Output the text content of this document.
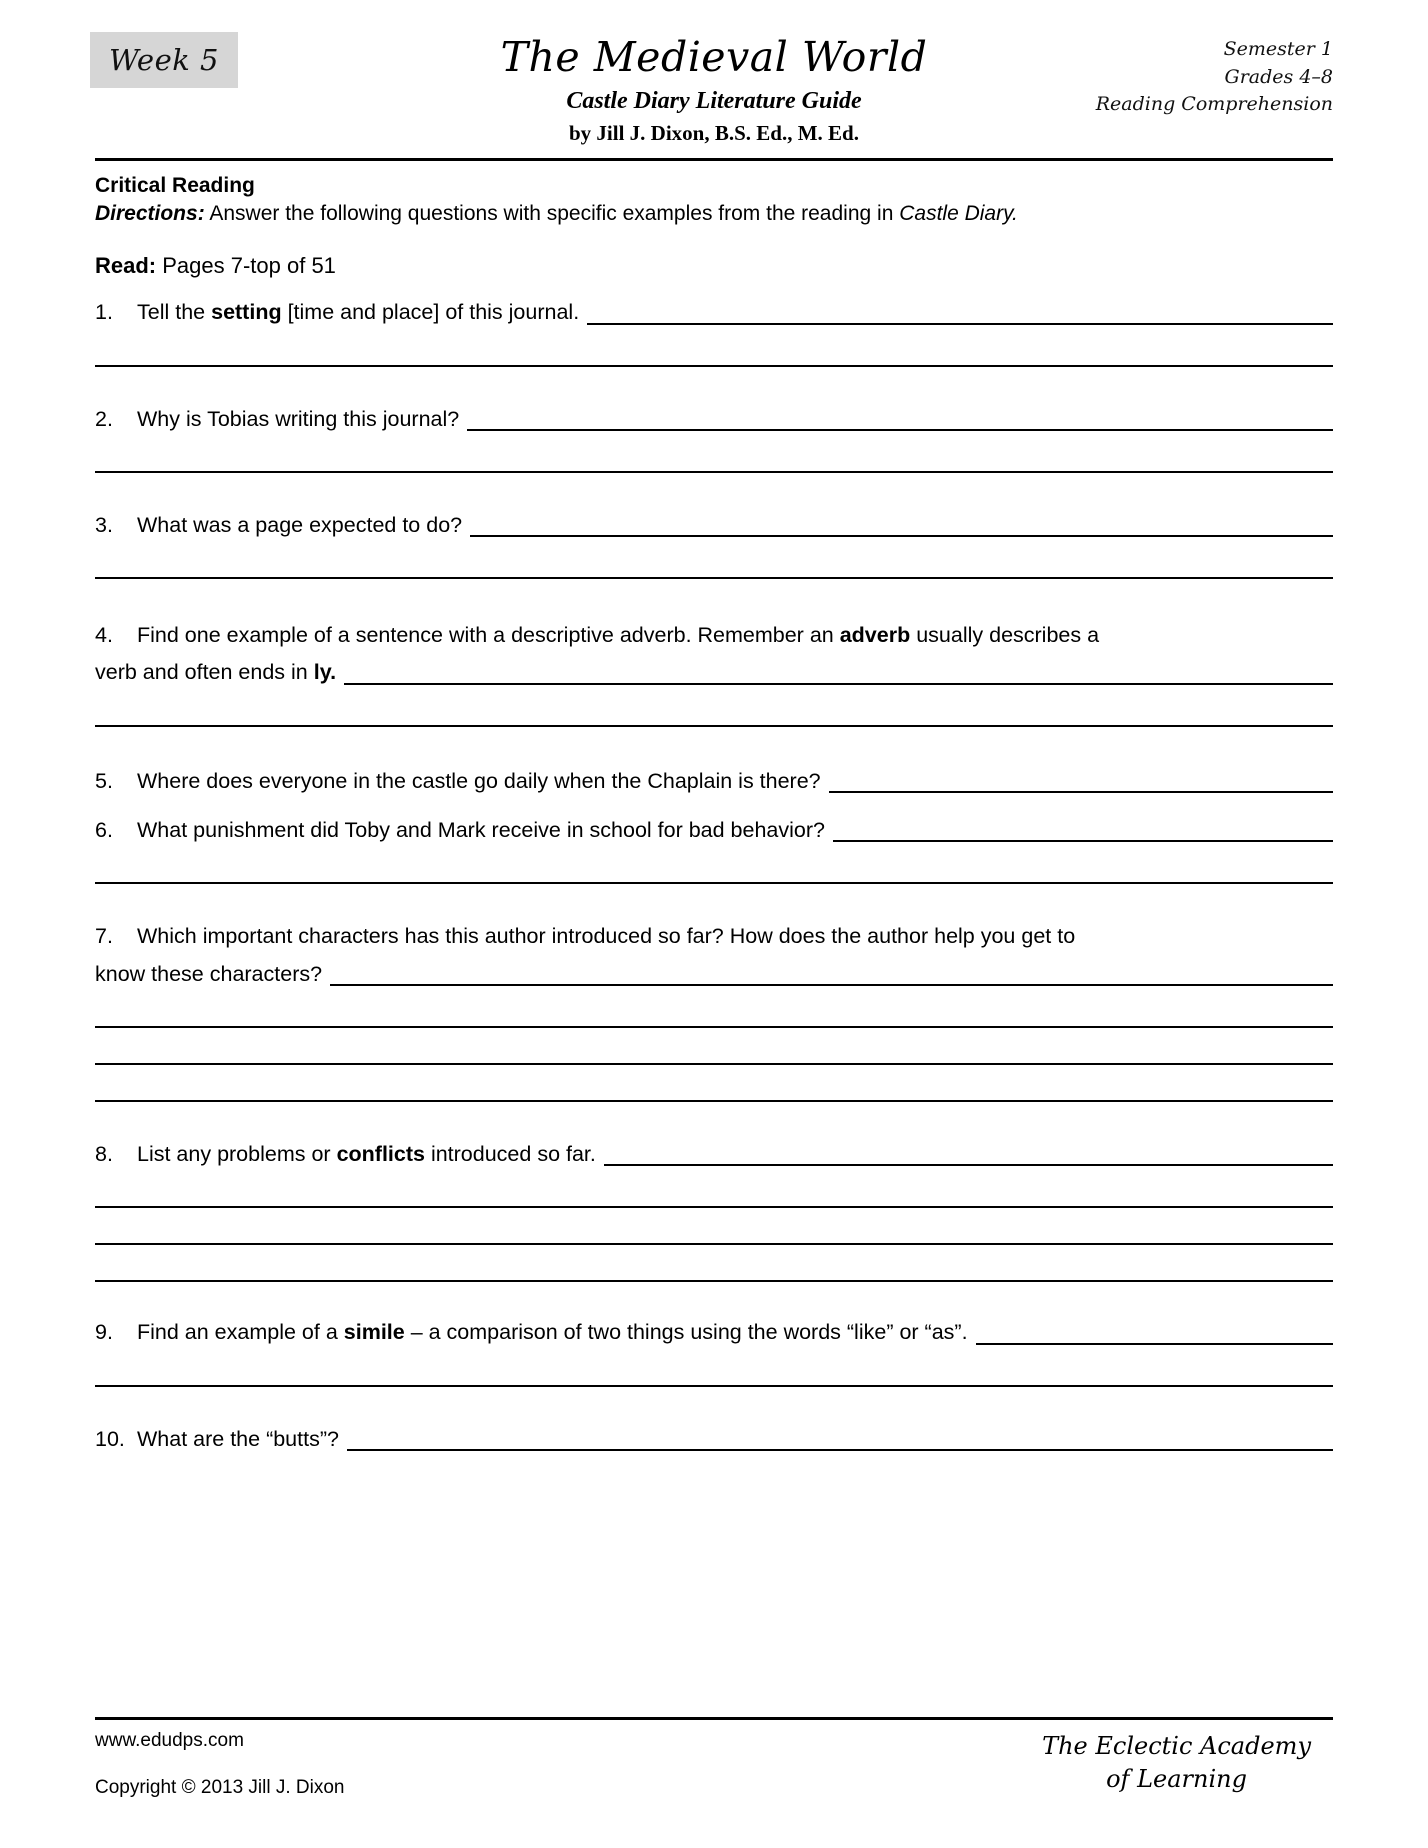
Week 5	The Medieval World
Castle Diary Literature Guide
by Jill J. Dixon, B.S. Ed., M. Ed.
Semester 1
Grades 4–8
Reading Comprehension
Critical Reading
Directions: Answer the following questions with specific examples from the reading in Castle Diary.
Read: Pages 7-top of 51
1.	Tell the setting [time and place] of this journal.
2.	Why is Tobias writing this journal?
3.	What was a page expected to do?
4. Find one example of a sentence with a descriptive adverb. Remember an adverb usually describes a
verb and often ends in ly.
5.	Where does everyone in the castle go daily when the Chaplain is there?
6.	What punishment did Toby and Mark receive in school for bad behavior?
7. Which important characters has this author introduced so far? How does the author help you get to
know these characters?
8.	List any problems or conflicts introduced so far.
9.	Find an example of a simile – a comparison of two things using the words “like” or “as”.
10. What are the “butts”?
www.edudps.com
Copyright © 2013 Jill J. Dixon
The Eclectic Academy
of Learning
